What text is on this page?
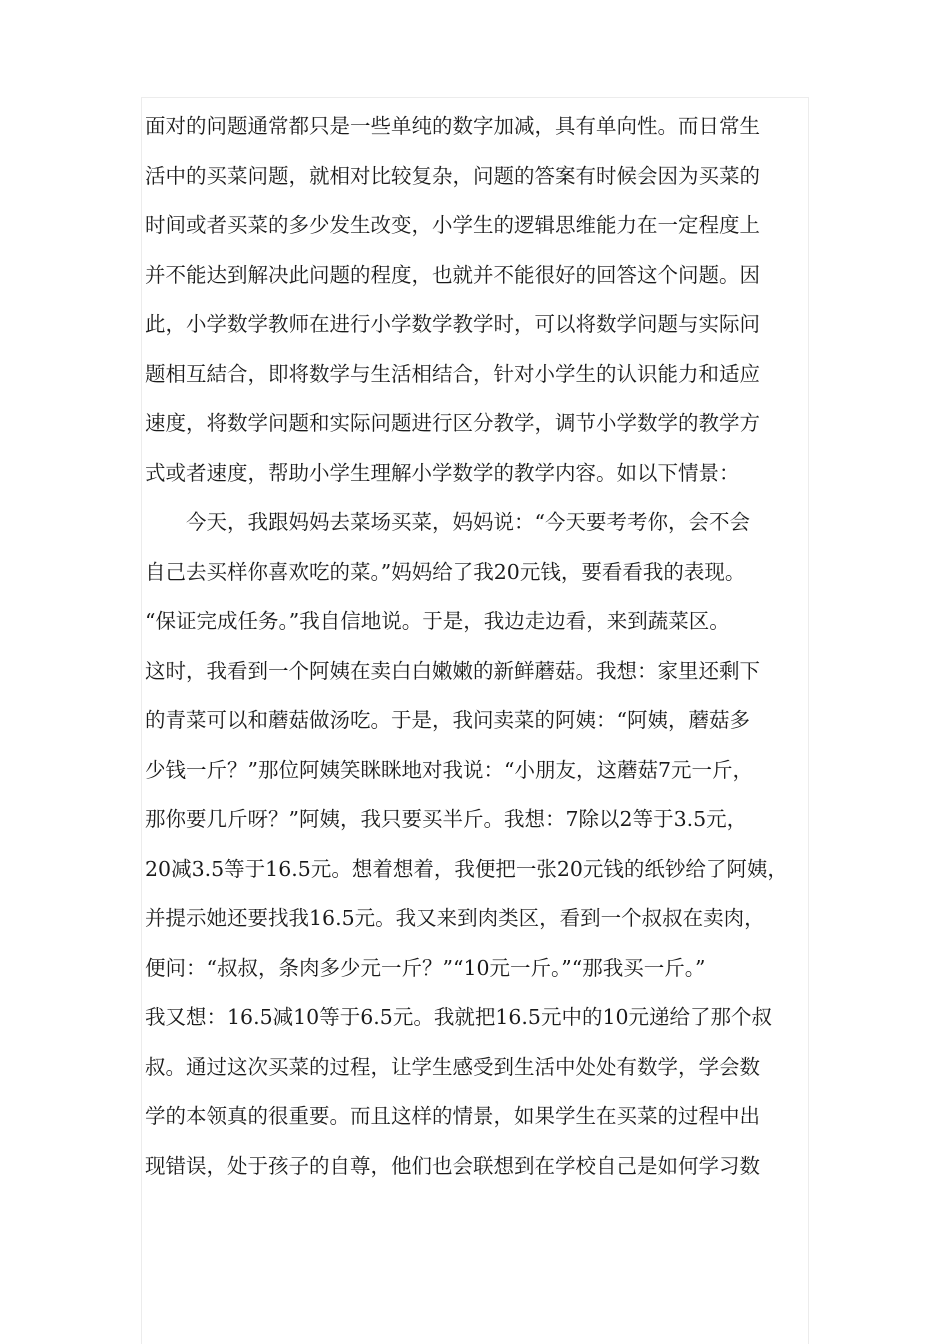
面对的问题通常都只是一些单纯的数字加减，具有单向性。而日常生
活中的买菜问题，就相对比较复杂，问题的答案有时候会因为买菜的
时间或者买菜的多少发生改变，小学生的逻辑思维能力在一定程度上
并不能达到解决此问题的程度，也就并不能很好的回答这个问题。因
此，小学数学教师在进行小学数学教学时，可以将数学问题与实际问
题相互結合，即将数学与生活相结合，针对小学生的认识能力和适应
速度，将数学问题和实际问题进行区分教学，调节小学数学的教学方
式或者速度，帮助小学生理解小学数学的教学内容。如以下情景：
　　今天，我跟妈妈去菜场买菜，妈妈说：“今天要考考你，会不会
自己去买样你喜欢吃的菜。”妈妈给了我20元钱，要看看我的表现。
“保证完成任务。”我自信地说。于是，我边走边看，来到蔬菜区。
这时，我看到一个阿姨在卖白白嫩嫩的新鲜蘑菇。我想：家里还剩下
的青菜可以和蘑菇做汤吃。于是，我问卖菜的阿姨：“阿姨，蘑菇多
少钱一斤？”那位阿姨笑眯眯地对我说：“小朋友，这蘑菇7元一斤，
那你要几斤呀？”阿姨，我只要买半斤。我想：7除以2等于3.5元，
20减3.5等于16.5元。想着想着，我便把一张20元钱的纸钞给了阿姨，
并提示她还要找我16.5元。我又来到肉类区，看到一个叔叔在卖肉，
便问：“叔叔，条肉多少元一斤？”“10元一斤。”“那我买一斤。”
我又想：16.5减10等于6.5元。我就把16.5元中的10元递给了那个叔
叔。通过这次买菜的过程，让学生感受到生活中处处有数学，学会数
学的本领真的很重要。而且这样的情景，如果学生在买菜的过程中出
现错误，处于孩子的自尊，他们也会联想到在学校自己是如何学习数
